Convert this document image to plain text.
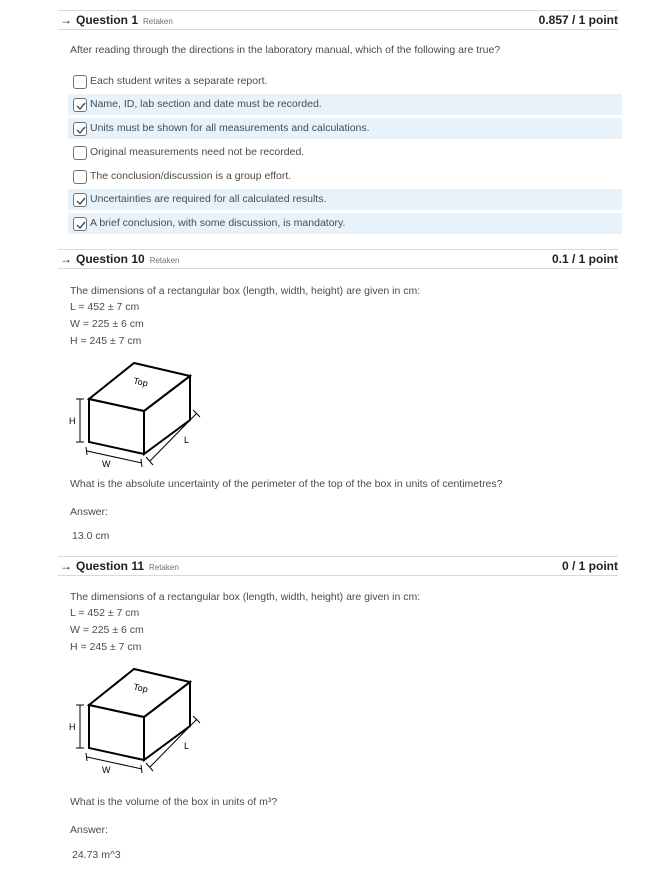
→ Question 1 Retaken	0.857 / 1 point
After reading through the directions in the laboratory manual, which of the following are true?
Each student writes a separate report.
Name, ID, lab section and date must be recorded.
Units must be shown for all measurements and calculations.
Original measurements need not be recorded.
The conclusion/discussion is a group effort.
Uncertainties are required for all calculated results.
A brief conclusion, with some discussion, is mandatory.
→ Question 10 Retaken	0.1 / 1 point
The dimensions of a rectangular box (length, width, height) are given in cm:
L = 452 ± 7 cm
W = 225 ± 6 cm
H = 245 ± 7 cm
Top
H
W
L
What is the absolute uncertainty of the perimeter of the top of the box in units of centimetres?
Answer:
13.0 cm
→ Question 11 Retaken	0 / 1 point
The dimensions of a rectangular box (length, width, height) are given in cm:
L = 452 ± 7 cm
W = 225 ± 6 cm
H = 245 ± 7 cm
Top
H
W
L
What is the volume of the box in units of m³?
Answer:
24.73 m^3
